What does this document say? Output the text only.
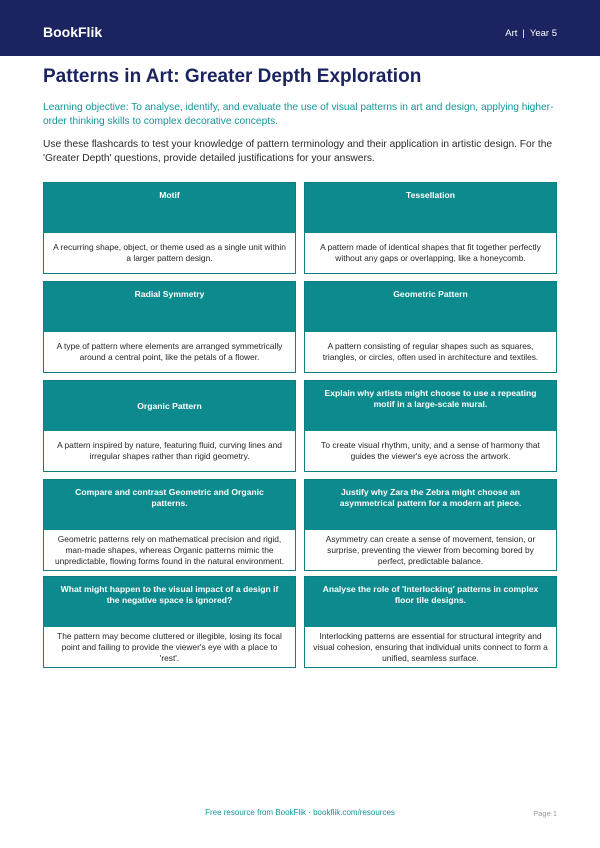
BookFlik	Art | Year 5
Patterns in Art: Greater Depth Exploration

Learning objective: To analyse, identify, and evaluate the use of visual patterns in art and design, applying higher-order thinking skills to complex decorative concepts.

Use these flashcards to test your knowledge of pattern terminology and their application in artistic design. For the 'Greater Depth' questions, provide detailed justifications for your answers.

Motif
A recurring shape, object, or theme used as a single unit within a larger pattern design.
Tessellation
A pattern made of identical shapes that fit together perfectly without any gaps or overlapping, like a honeycomb.
Radial Symmetry
A type of pattern where elements are arranged symmetrically around a central point, like the petals of a flower.
Geometric Pattern
A pattern consisting of regular shapes such as squares, triangles, or circles, often used in architecture and textiles.
Organic Pattern
A pattern inspired by nature, featuring fluid, curving lines and irregular shapes rather than rigid geometry.
Explain why artists might choose to use a repeating motif in a large-scale mural.
To create visual rhythm, unity, and a sense of harmony that guides the viewer's eye across the artwork.
Compare and contrast Geometric and Organic patterns.
Geometric patterns rely on mathematical precision and rigid, man-made shapes, whereas Organic patterns mimic the unpredictable, flowing forms found in the natural environment.
Justify why Zara the Zebra might choose an asymmetrical pattern for a modern art piece.
Asymmetry can create a sense of movement, tension, or surprise, preventing the viewer from becoming bored by perfect, predictable balance.
What might happen to the visual impact of a design if the negative space is ignored?
The pattern may become cluttered or illegible, losing its focal point and failing to provide the viewer's eye with a place to 'rest'.
Analyse the role of 'Interlocking' patterns in complex floor tile designs.
Interlocking patterns are essential for structural integrity and visual cohesion, ensuring that individual units connect to form a unified, seamless surface.
Free resource from BookFlik · bookflik.com/resources	Page 1
